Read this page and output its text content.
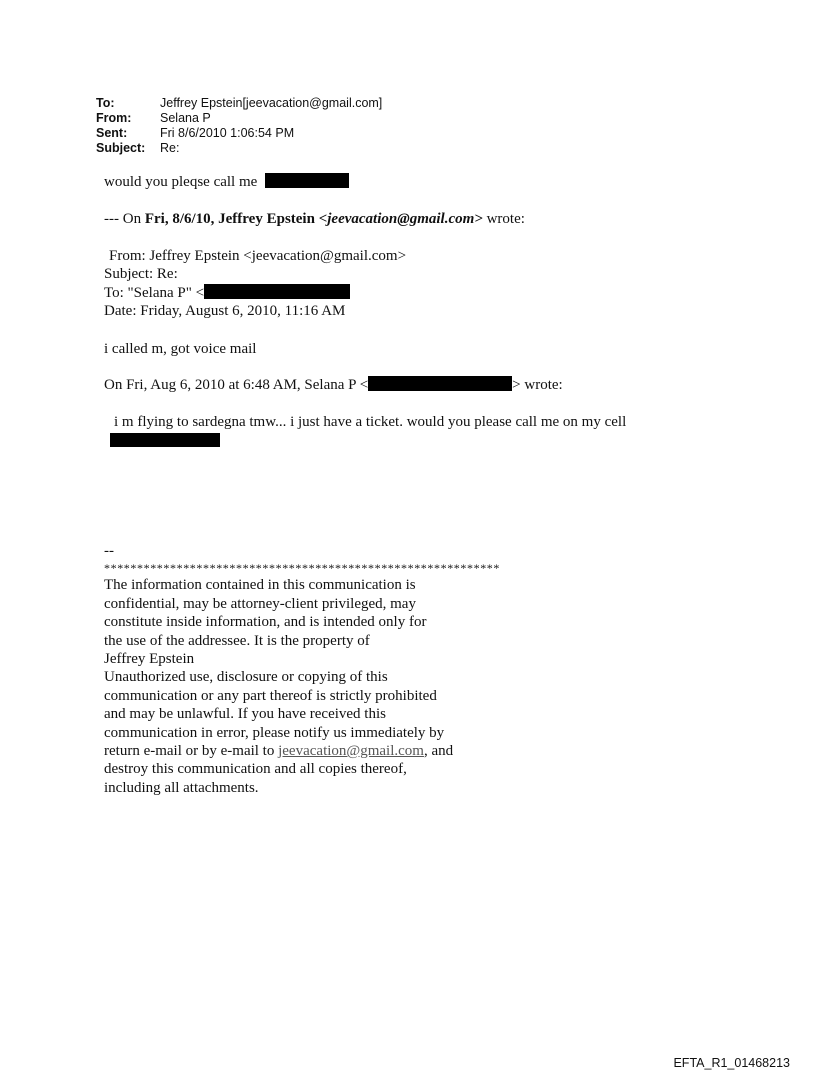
To:	Jeffrey Epstein[jeevacation@gmail.com]
From:	Selana P
Sent:	Fri 8/6/2010 1:06:54 PM
Subject:	Re:
would you pleqse call me
--- On Fri, 8/6/10, Jeffrey Epstein <jeevacation@gmail.com> wrote:
From: Jeffrey Epstein <jeevacation@gmail.com>
Subject: Re:
To: "Selana P" <
Date: Friday, August 6, 2010, 11:16 AM
i called m, got voice mail
On Fri, Aug 6, 2010 at 6:48 AM, Selana P <	> wrote:
i m flying to sardegna tmw... i just have a ticket. would you please call me on my cell
--
************************************************************
The information contained in this communication is
confidential, may be attorney-client privileged, may
constitute inside information, and is intended only for
the use of the addressee. It is the property of
Jeffrey Epstein
Unauthorized use, disclosure or copying of this
communication or any part thereof is strictly prohibited
and may be unlawful. If you have received this
communication in error, please notify us immediately by
return e-mail or by e-mail to jeevacation@gmail.com, and
destroy this communication and all copies thereof,
including all attachments.
EFTA_R1_01468213
